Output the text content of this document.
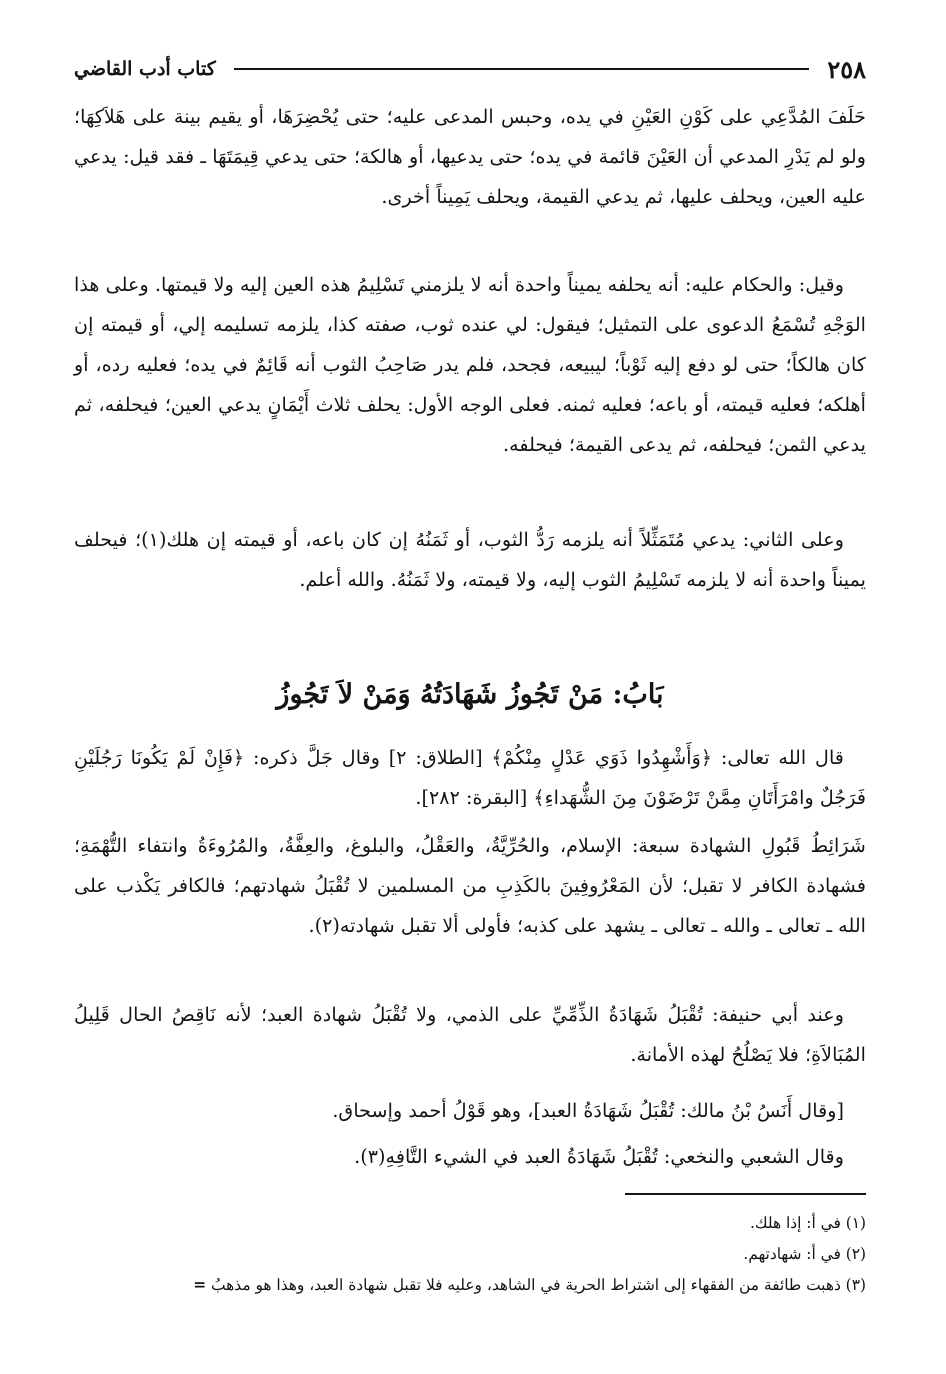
٢٥٨
كتاب أدب القاضي

حَلَفَ المُدَّعِي على كَوْنِ العَيْنِ في يده، وحبس المدعى عليه؛ حتى يُحْضِرَهَا، أو يقيم بينة على هَلاَكِهَا؛ ولو لم يَدْرِ المدعي أن العَيْنَ قائمة في يده؛ حتى يدعيها، أو هالكة؛ حتى يدعي قِيمَتَهَا ـ فقد قيل: يدعي عليه العين، ويحلف عليها، ثم يدعي القيمة، ويحلف يَمِيناً أخرى.

وقيل: والحكام عليه: أنه يحلفه يميناً واحدة أنه لا يلزمني تَسْلِيمُ هذه العين إليه ولا قيمتها. وعلى هذا الوَجْهِ تُسْمَعُ الدعوى على التمثيل؛ فيقول: لي عنده ثوب، صفته كذا، يلزمه تسليمه إلي، أو قيمته إن كان هالكاً؛ حتى لو دفع إليه ثَوْباً؛ ليبيعه، فجحد، فلم يدر صَاحِبُ الثوب أنه قَائِمٌ في يده؛ فعليه رده، أو أهلكه؛ فعليه قيمته، أو باعه؛ فعليه ثمنه. فعلى الوجه الأول: يحلف ثلاث أَيْمَانٍ يدعي العين؛ فيحلفه، ثم يدعي الثمن؛ فيحلفه، ثم يدعى القيمة؛ فيحلفه.

وعلى الثاني: يدعي مُتَمَثِّلاً أنه يلزمه رَدُّ الثوب، أو ثَمَنُهُ إن كان باعه، أو قيمته إن هلك(١)؛ فيحلف يميناً واحدة أنه لا يلزمه تَسْلِيمُ الثوب إليه، ولا قيمته، ولا ثَمَنُهُ. والله أعلم.

بَابُ: مَنْ تَجُوزُ شَهَادَتُهُ وَمَنْ لاَ تَجُوزُ

قال الله تعالى: ﴿وَأَشْهِدُوا ذَوَي عَدْلٍ مِنْكُمْ﴾ [الطلاق: ٢] وقال جَلَّ ذكره: ﴿فَإِنْ لَمْ يَكُونَا رَجُلَيْنِ فَرَجُلٌ وامْرَأَتَانِ مِمَّنْ تَرْضَوْنَ مِنَ الشُّهَداءِ﴾ [البقرة: ٢٨٢].

شَرَائِطُ قَبُولِ الشهادة سبعة: الإسلام، والحُرِّيَّةُ، والعَقْلُ، والبلوغ، والعِفَّةُ، والمُرُوءَةُ وانتفاء التُّهْمَةِ؛ فشهادة الكافر لا تقبل؛ لأن المَعْرُوفِينَ بالكَذِبِ من المسلمين لا تُقْبَلُ شهادتهم؛ فالكافر يَكْذب على الله ـ تعالى ـ والله ـ تعالى ـ يشهد على كذبه؛ فأولى ألا تقبل شهادته(٢).

وعند أبي حنيفة: تُقْبَلُ شَهَادَةُ الذِّمِّيِّ على الذمي، ولا تُقْبَلُ شهادة العبد؛ لأنه نَاقِصُ الحال قَلِيلُ المُبَالاَةِ؛ فلا يَصْلُحُ لهذه الأمانة.

[وقال أَنَسُ بْنُ مالك: تُقْبَلُ شَهَادَةُ العبد]، وهو قَوْلُ أحمد وإسحاق.

وقال الشعبي والنخعي: تُقْبَلُ شَهَادَةُ العبد في الشيء التَّافِهِ(٣).

(١) في أ: إذا هلك.

(٢) في أ: شهادتهم.

(٣) ذهبت طائفة من الفقهاء إلى اشتراط الحرية في الشاهد، وعليه فلا تقبل شهادة العبد، وهذا هو مذهبُ =
